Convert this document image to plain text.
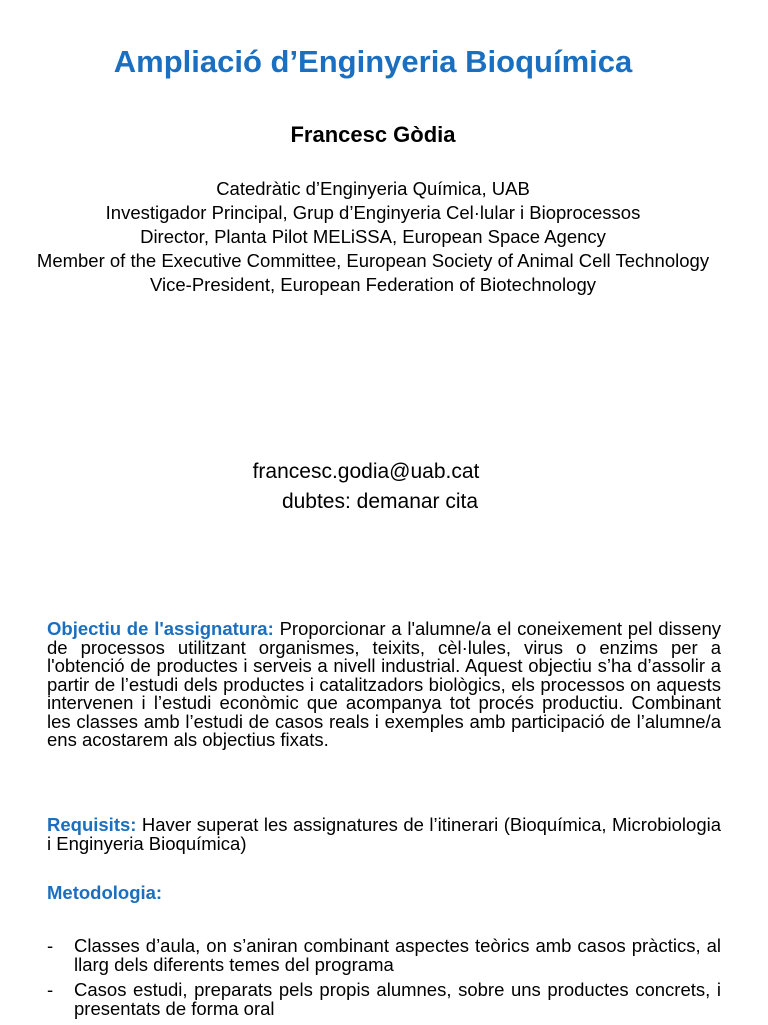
Ampliació d’Enginyeria Bioquímica
Francesc Gòdia
Catedràtic d’Enginyeria Química, UAB
Investigador Principal, Grup d’Enginyeria Cel·lular i Bioprocessos
Director, Planta Pilot MELiSSA, European Space Agency
Member of the Executive Committee, European Society of Animal Cell Technology
Vice-President, European Federation of Biotechnology
francesc.godia@uab.cat
dubtes: demanar cita
Objectiu de l'assignatura: Proporcionar a l'alumne/a el coneixement pel disseny de processos utilitzant organismes, teixits, cèl·lules, virus o enzims per a l'obtenció de productes i serveis a nivell industrial. Aquest objectiu s’ha d’assolir a partir de l’estudi dels productes i catalitzadors biològics, els processos on aquests intervenen i l’estudi econòmic que acompanya tot procés productiu. Combinant les classes amb l’estudi de casos reals i exemples amb participació de l’alumne/a ens acostarem als objectius fixats.
Requisits: Haver superat les assignatures de l’itinerari (Bioquímica, Microbiologia i Enginyeria Bioquímica)
Metodologia:
- Classes d’aula, on s’aniran combinant aspectes teòrics amb casos pràctics, al llarg dels diferents temes del programa
- Casos estudi, preparats pels propis alumnes, sobre uns productes concrets, i presentats de forma oral
